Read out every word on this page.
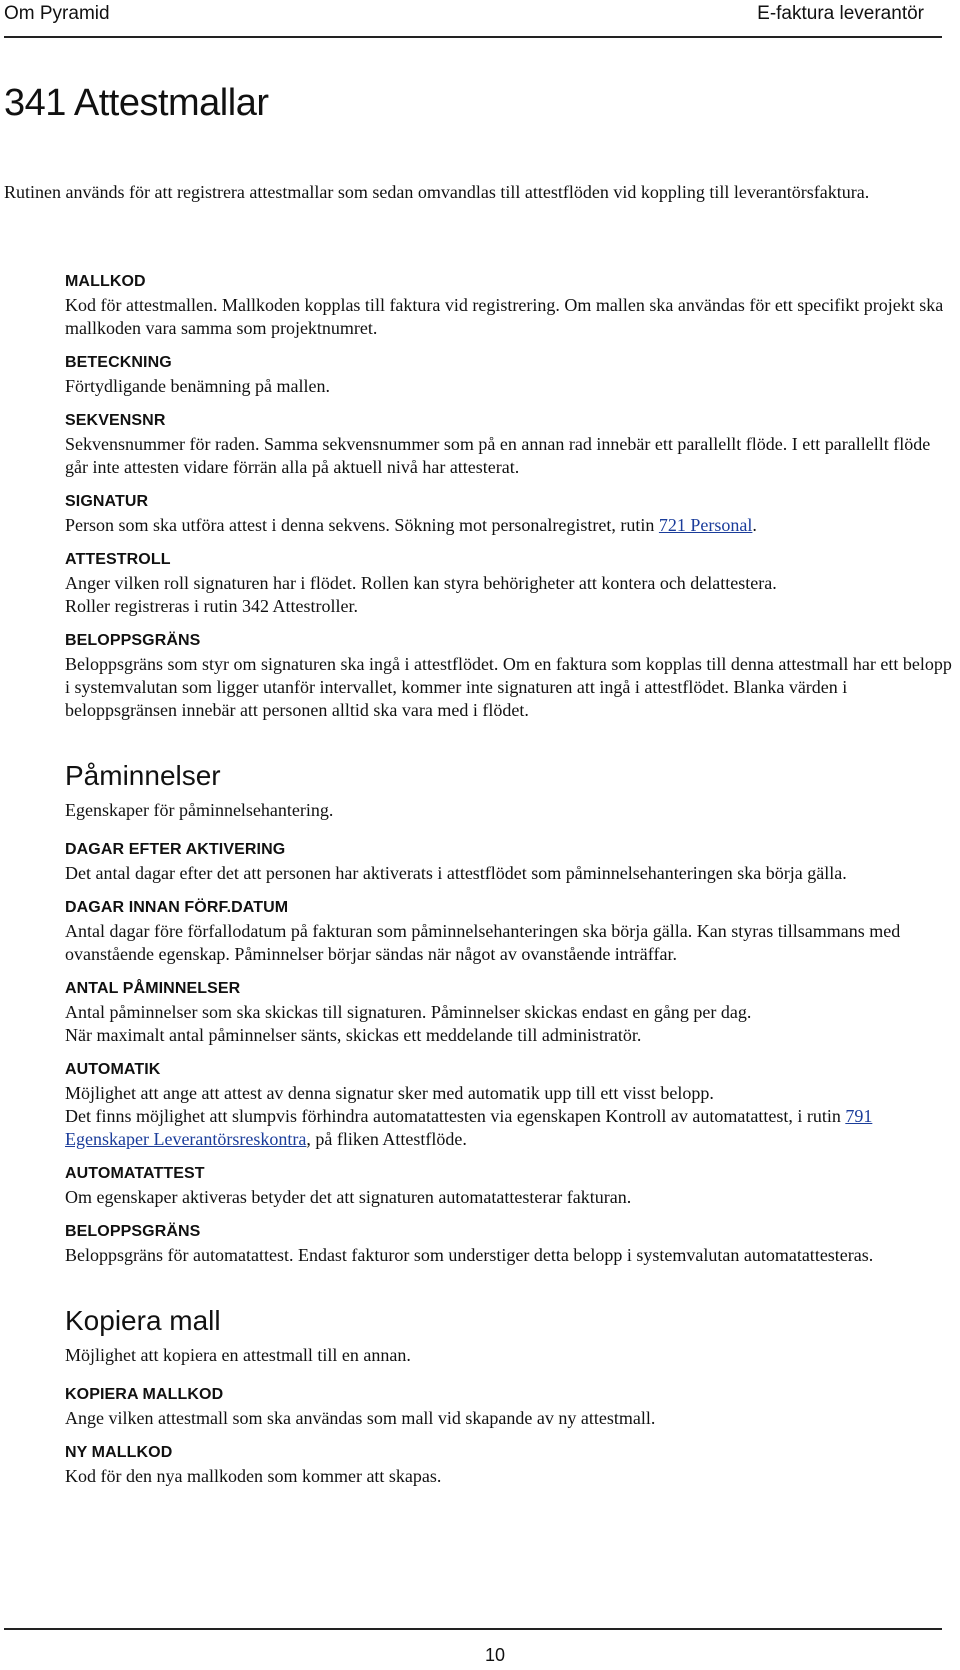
Om Pyramid	E-faktura leverantör
341 Attestmallar

Rutinen används för att registrera attestmallar som sedan omvandlas till attestflöden vid koppling till leverantörsfaktura.

MALLKOD

Kod för attestmallen. Mallkoden kopplas till faktura vid registrering. Om mallen ska användas för ett specifikt projekt ska mallkoden vara samma som projektnumret.

BETECKNING

Förtydligande benämning på mallen.

SEKVENSNR

Sekvensnummer för raden. Samma sekvensnummer som på en annan rad innebär ett parallellt flöde. I ett parallellt flöde går inte attesten vidare förrän alla på aktuell nivå har attesterat.

SIGNATUR

Person som ska utföra attest i denna sekvens. Sökning mot personalregistret, rutin 721 Personal.

ATTESTROLL

Anger vilken roll signaturen har i flödet. Rollen kan styra behörigheter att kontera och delattestera.

Roller registreras i rutin 342 Attestroller.

BELOPPSGRÄNS

Beloppsgräns som styr om signaturen ska ingå i attestflödet. Om en faktura som kopplas till denna attestmall har ett belopp i systemvalutan som ligger utanför intervallet, kommer inte signaturen att ingå i attestflödet. Blanka värden i beloppsgränsen innebär att personen alltid ska vara med i flödet.

Påminnelser

Egenskaper för påminnelsehantering.

DAGAR EFTER AKTIVERING

Det antal dagar efter det att personen har aktiverats i attestflödet som påminnelsehanteringen ska börja gälla.

DAGAR INNAN FÖRF.DATUM

Antal dagar före förfallodatum på fakturan som påminnelsehanteringen ska börja gälla. Kan styras tillsammans med ovanstående egenskap. Påminnelser börjar sändas när något av ovanstående inträffar.

ANTAL PÅMINNELSER

Antal påminnelser som ska skickas till signaturen. Påminnelser skickas endast en gång per dag.

När maximalt antal påminnelser sänts, skickas ett meddelande till administratör.

AUTOMATIK

Möjlighet att ange att attest av denna signatur sker med automatik upp till ett visst belopp.

Det finns möjlighet att slumpvis förhindra automatattesten via egenskapen Kontroll av automatattest, i rutin 791 Egenskaper Leverantörsreskontra, på fliken Attestflöde.

AUTOMATATTEST

Om egenskaper aktiveras betyder det att signaturen automatattesterar fakturan.

BELOPPSGRÄNS

Beloppsgräns för automatattest. Endast fakturor som understiger detta belopp i systemvalutan automatattesteras.

Kopiera mall

Möjlighet att kopiera en attestmall till en annan.

KOPIERA MALLKOD

Ange vilken attestmall som ska användas som mall vid skapande av ny attestmall.

NY MALLKOD

Kod för den nya mallkoden som kommer att skapas.

10
